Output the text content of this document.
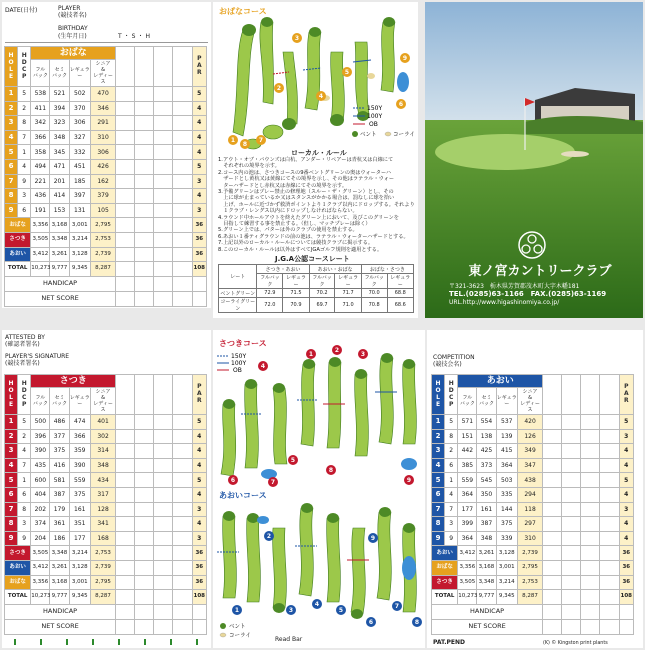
DATE(日付)	PLAYER
(競技者名)
BIRTHDAY
(生年月日)	T・S・H
HOLE	HDCP	おばな								PAR
		フル
バック	セミ
バック	レギュラー	シニア
&
レディース					
1	5	538	521	502	470					5
2	2	411	394	370	346					4
3	8	342	323	306	291					4
4	7	366	348	327	310					4
5	1	358	345	332	306					4
6	4	494	471	451	426					5
7	9	221	201	185	162					3
8	3	436	414	397	379					4
9	6	191	153	131	105					3
おばな		3,356	3,168	3,001	2,795					36
さつき		3,505	3,348	3,214	2,753					36
あおい		3,412	3,261	3,128	2,739					36
TOTAL		10,273	9,777	9,345	8,287					108
HANDICAP										
NET SCORE										
おばなコース
150Y
100Y
OB
ベント	コーライ
1
2
3
4
5
6
7
8
9
ローカル・ルール
1.アウト・オブ・バウンズは白杭、アンダー・リペアーは青杭又は白線にて
　それぞれの境界を示す。
2.コース内の池は、さつきコースの9番ベントグリーンの奥はウォーターハ
　ザードとし黄杭又は黄線にてその境界を示し、その他はラテラル・ウォー
　ターハザードとし赤杭又は赤線にてその境界を示す。
3.予備グリーンはプレー禁止の修理地（スルー・ザ・グリーン）とし、その
　上に球が止まっているか又はスタンスがかかる場合は、罰なしに球を拾い
　上げ、ホールに近づかず救済ポイントより１クラブ以内にドロップする。それより
　１クラブ・レングス以内にドロップしなければならない。
4.ラウンド中ホールアウトを終えたグリーン上において、及びこのグリーンを
　目指して練習する事を禁止する。（但し、マッチプレーは除く）
5.グリーン上では、パターは外のクラブの使用を禁止する。
6.あおい１番ティグラウンドの前の池は、ラテラル・ウォーターハザードとする。
7.上記以外のローカル・ルールについては競技クラブに掲示する。
8.このローカル・ルールは以外はすべてJGAゴルフ規則を適用とする。
J.G.A公認コースレート
レート	さつき・あおい		あおい・おばな		おばな・さつき	
	フルバック	レギュラー	フルバック	レギュラー	フルバック	レギュラー
ベントグリーン	72.9	71.5	70.2	71.7	70.0	68.8
コーライグリーン	72.0	70.9	69.7	71.0	70.8	68.6
東ノ宮カントリークラブ
〒321-3623　栃木県芳賀郡茂木町大字木幡181
TEL.(0285)63-1166　FAX.(0285)63-1169
URL.http://www.higashinomiya.co.jp/
ATTESTED BY
(確認者署名)
PLAYER'S SIGNATURE
(競技者署名)
HOLE	HDCP	さつき								PAR
		フル
バック	セミ
バック	レギュラー	シニア
&
レディース					
1	5	500	486	474	401					5
2	2	396	377	366	302					4
3	4	390	375	359	314					4
4	7	435	416	390	348					4
5	1	600	581	559	434					5
6	6	404	387	375	317					4
7	8	202	179	161	128					3
8	3	374	361	351	341					4
9	9	204	186	177	168					3
さつき		3,505	3,348	3,214	2,753					36
あおい		3,412	3,261	3,128	2,739					36
おばな		3,356	3,168	3,001	2,795					36
TOTAL		10,273	9,777	9,345	8,287					108
HANDICAP										
NET SCORE										
さつきコース
150Y
100Y
OB
1
2
3
4
5
6	7
8
9
あおいコース
1
2
3
4
5
6
7
8
9
ベント
コーライ	Read Bar
COMPETITION
(競技会名)
HOLE	HDCP	あおい								PAR
		フル
バック	セミ
バック	レギュラー	シニア
&
レディース					
1	5	571	554	537	420					5
2	8	151	138	139	126					3
3	2	442	425	415	349					4
4	6	385	373	364	347					4
5	1	559	545	503	438					5
6	4	364	350	335	294					4
7	7	177	161	144	118					3
8	3	399	387	375	297					4
9	9	364	348	339	310					4
あおい		3,412	3,261	3,128	2,739					36
おばな		3,356	3,168	3,001	2,795					36
さつき		3,505	3,348	3,214	2,753					36
TOTAL		10,273	9,777	9,345	8,287					108
HANDICAP										
NET SCORE										
PAT.PEND	(K) © Kingston print plants
